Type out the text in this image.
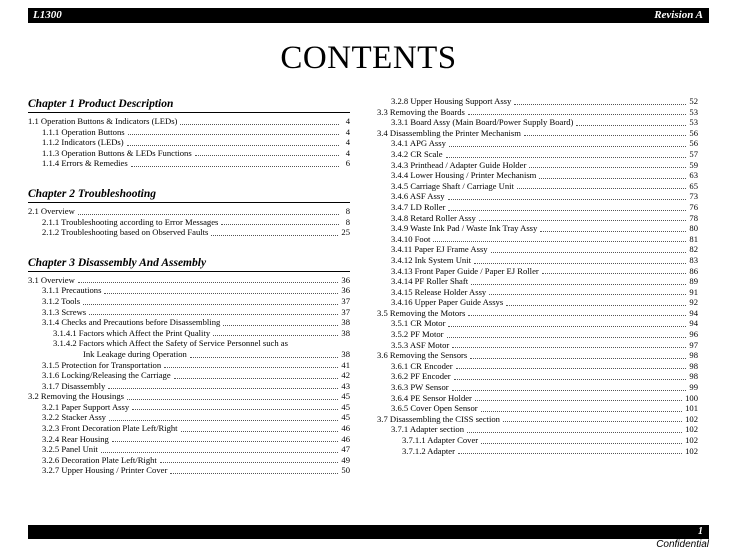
L1300	Revision A
CONTENTS
Chapter 1 Product Description
1.1 Operation Buttons & Indicators (LEDs)	4
1.1.1 Operation Buttons	4
1.1.2 Indicators (LEDs)	4
1.1.3 Operation Buttons & LEDs Functions	4
1.1.4 Errors & Remedies	6
Chapter 2 Troubleshooting
2.1 Overview	8
2.1.1 Troubleshooting according to Error Messages	8
2.1.2 Troubleshooting based on Observed Faults	25
Chapter 3 Disassembly And Assembly
3.1 Overview	36
3.1.1 Precautions	36
3.1.2 Tools	37
3.1.3 Screws	37
3.1.4 Checks and Precautions before Disassembling	38
3.1.4.1 Factors which Affect the Print Quality	38
3.1.4.2 Factors which Affect the Safety of Service Personnel such as
Ink Leakage during Operation	38
3.1.5 Protection for Transportation	41
3.1.6 Locking/Releasing the Carriage	42
3.1.7 Disassembly	43
3.2 Removing the Housings	45
3.2.1 Paper Support Assy	45
3.2.2 Stacker Assy	45
3.2.3 Front Decoration Plate Left/Right	46
3.2.4 Rear Housing	46
3.2.5 Panel Unit	47
3.2.6 Decoration Plate Left/Right	49
3.2.7 Upper Housing / Printer Cover	50
3.2.8 Upper Housing Support Assy	52
3.3 Removing the Boards	53
3.3.1 Board Assy (Main Board/Power Supply Board)	53
3.4 Disassembling the Printer Mechanism	56
3.4.1 APG Assy	56
3.4.2 CR Scale	57
3.4.3 Printhead / Adapter Guide Holder	59
3.4.4 Lower Housing / Printer Mechanism	63
3.4.5 Carriage Shaft / Carriage Unit	65
3.4.6 ASF Assy	73
3.4.7 LD Roller	76
3.4.8 Retard Roller Assy	78
3.4.9 Waste Ink Pad / Waste Ink Tray Assy	80
3.4.10 Foot	81
3.4.11 Paper EJ Frame Assy	82
3.4.12 Ink System Unit	83
3.4.13 Front Paper Guide / Paper EJ Roller	86
3.4.14 PF Roller Shaft	89
3.4.15 Release Holder Assy	91
3.4.16 Upper Paper Guide Assys	92
3.5 Removing the Motors	94
3.5.1 CR Motor	94
3.5.2 PF Motor	96
3.5.3 ASF Motor	97
3.6 Removing the Sensors	98
3.6.1 CR Encoder	98
3.6.2 PF Encoder	98
3.6.3 PW Sensor	99
3.6.4 PE Sensor Holder	100
3.6.5 Cover Open Sensor	101
3.7 Disassembling the CISS section	102
3.7.1 Adapter section	102
3.7.1.1 Adapter Cover	102
3.7.1.2 Adapter	102
1
Confidential
